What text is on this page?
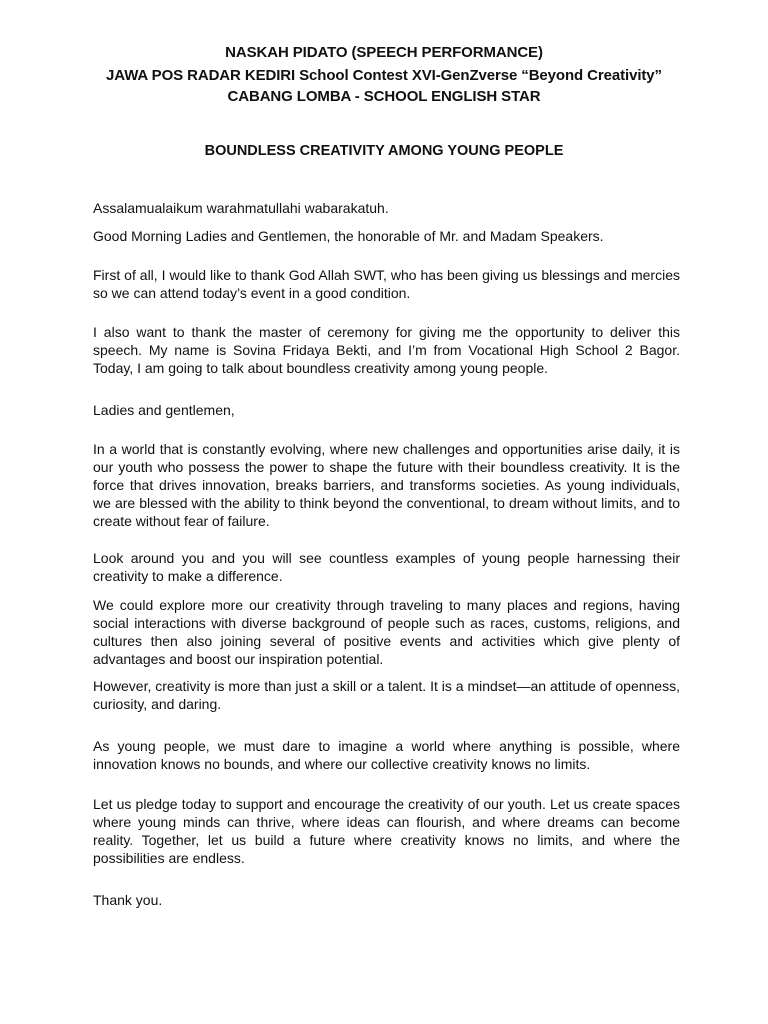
NASKAH PIDATO (SPEECH PERFORMANCE)
JAWA POS RADAR KEDIRI School Contest XVI-GenZverse “Beyond Creativity”
CABANG LOMBA - SCHOOL ENGLISH STAR
BOUNDLESS CREATIVITY AMONG YOUNG PEOPLE

Assalamualaikum warahmatullahi wabarakatuh.

Good Morning Ladies and Gentlemen, the honorable of Mr. and Madam Speakers.

First of all, I would like to thank God Allah SWT, who has been giving us blessings and mercies so we can attend today’s event in a good condition.

I also want to thank the master of ceremony for giving me the opportunity to deliver this speech. My name is Sovina Fridaya Bekti, and I’m from Vocational High School 2 Bagor. Today, I am going to talk about boundless creativity among young people.

Ladies and gentlemen,

In a world that is constantly evolving, where new challenges and opportunities arise daily, it is our youth who possess the power to shape the future with their boundless creativity. It is the force that drives innovation, breaks barriers, and transforms societies. As young individuals, we are blessed with the ability to think beyond the conventional, to dream without limits, and to create without fear of failure.

Look around you and you will see countless examples of young people harnessing their creativity to make a difference.

We could explore more our creativity through traveling to many places and regions, having social interactions with diverse background of people such as races, customs, religions, and cultures then also joining several of positive events and activities which give plenty of advantages and boost our inspiration potential.

However, creativity is more than just a skill or a talent. It is a mindset—an attitude of openness, curiosity, and daring.

As young people, we must dare to imagine a world where anything is possible, where innovation knows no bounds, and where our collective creativity knows no limits.

Let us pledge today to support and encourage the creativity of our youth. Let us create spaces where young minds can thrive, where ideas can flourish, and where dreams can become reality. Together, let us build a future where creativity knows no limits, and where the possibilities are endless.

Thank you.
